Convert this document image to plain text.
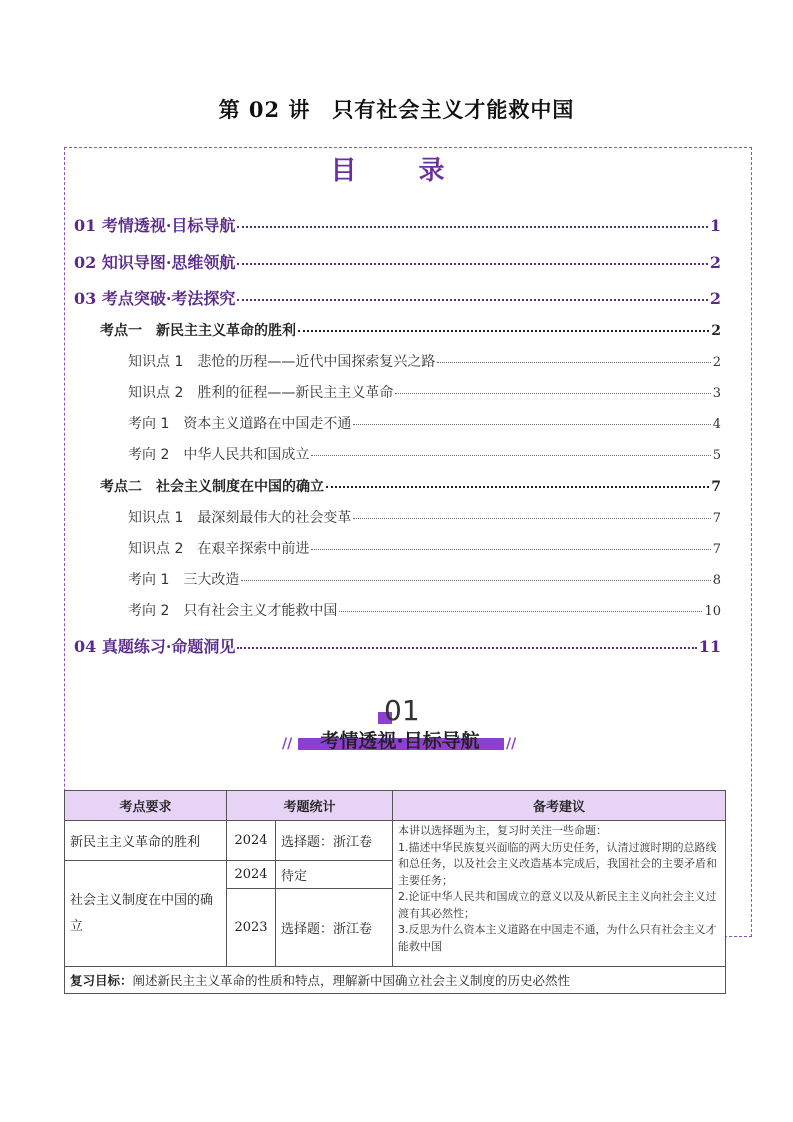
第 02 讲　只有社会主义才能救中国
目　录
01 考情透视·目标导航	1
02 知识导图·思维领航	2
03 考点突破·考法探究	2
考点一　新民主主义革命的胜利	2
知识点 1　悲怆的历程——近代中国探索复兴之路	2
知识点 2　胜利的征程——新民主主义革命	3
考向 1　资本主义道路在中国走不通	4
考向 2　中华人民共和国成立	5
考点二　社会主义制度在中国的确立	7
知识点 1　最深刻最伟大的社会变革	7
知识点 2　在艰辛探索中前进	7
考向 1　三大改造	8
考向 2　只有社会主义才能救中国	10
04 真题练习·命题洞见	11
01
//	//
考情透视·目标导航
考点要求	考题统计		备考建议
新民主主义革命的胜利	2024	选择题：浙江卷	本讲以选择题为主，复习时关注一些命题：
1.描述中华民族复兴面临的两大历史任务，认清过渡时期的总路线和总任务，以及社会主义改造基本完成后，我国社会的主要矛盾和主要任务；
2.论证中华人民共和国成立的意义以及从新民主主义向社会主义过渡有其必然性；
3.反思为什么资本主义道路在中国走不通，为什么只有社会主义才能救中国

社会主义制度在中国的确立	2024	待定	
	2023	选择题：浙江卷	
复习目标：阐述新民主主义革命的性质和特点，理解新中国确立社会主义制度的历史必然性			
